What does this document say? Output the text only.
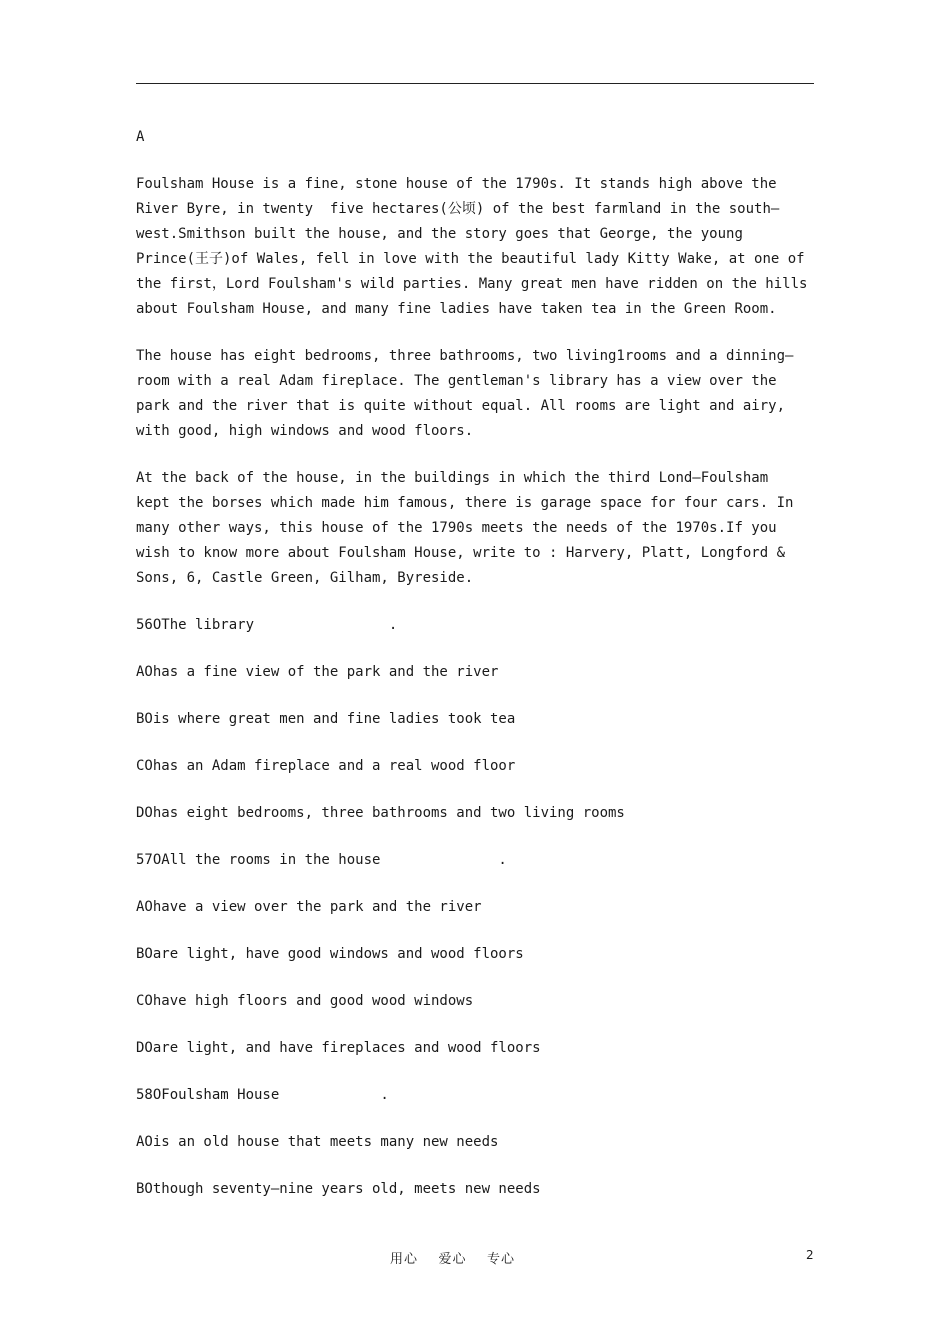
A
Foulsham House is a fine, stone house of the 1790s. It stands high above the
River Byre, in twenty  five hectares(公顷) of the best farmland in the south—
west.Smithson built the house, and the story goes that George, the young
Prince(王子)of Wales, fell in love with the beautiful lady Kitty Wake, at one of
the first，Lord Foulsham's wild parties. Many great men have ridden on the hills
about Foulsham House, and many fine ladies have taken tea in the Green Room.
The house has eight bedrooms, three bathrooms, two living1rooms and a dinning—
room with a real Adam fireplace. The gentleman's library has a view over the
park and the river that is quite without equal. All rooms are light and airy,
with good, high windows and wood floors.
At the back of the house, in the buildings in which the third Lond—Foulsham
kept the borses which made him famous, there is garage space for four cars. In
many other ways, this house of the 1790s meets the needs of the 1970s.If you
wish to know more about Foulsham House, write to : Harvery, Platt, Longford &
Sons, 6, Castle Green, Gilham, Byreside.
56ОThe library                .
AОhas a fine view of the park and the river
BОis where great men and fine ladies took tea
CОhas an Adam fireplace and a real wood floor
DОhas eight bedrooms, three bathrooms and two living rooms
57ОAll the rooms in the house              .
AОhave a view over the park and the river
BОare light, have good windows and wood floors
CОhave high floors and good wood windows
DОare light, and have fireplaces and wood floors
58ОFoulsham House            .
AОis an old house that meets many new needs
BОthough seventy—nine years old, meets new needs
用心    爱心    专心	2
